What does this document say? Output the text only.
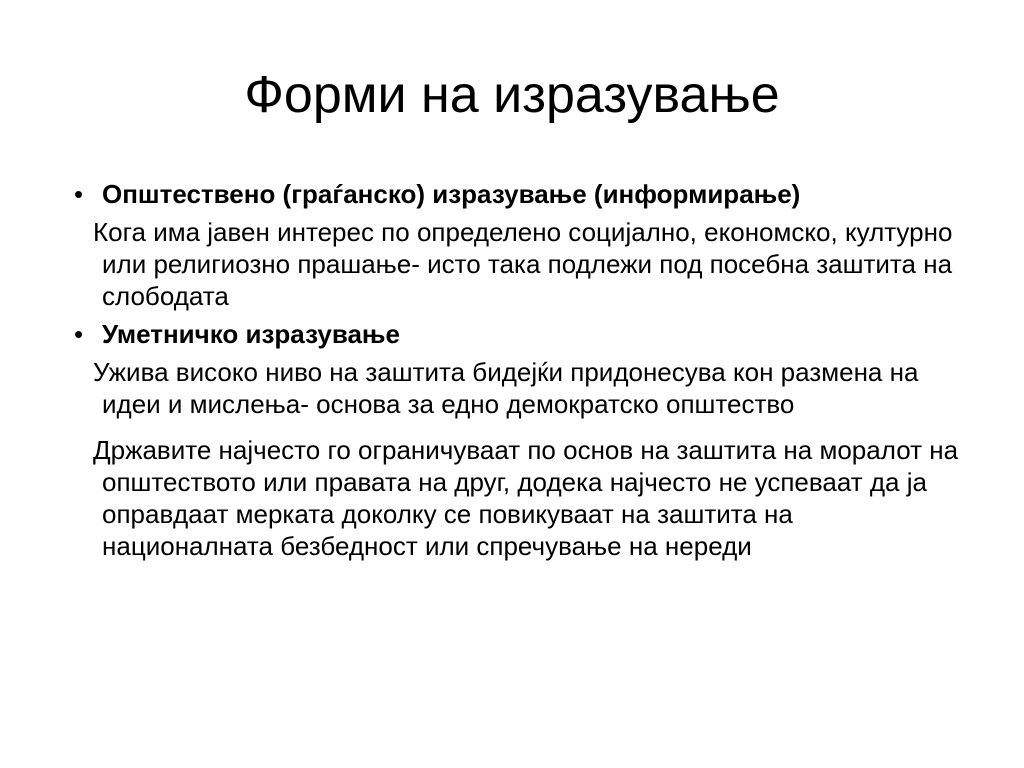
Форми на изразување
• Општествено (граѓанско) изразување (информирање)

Кога има јавен интерес по определено социјално, економско, културно или религиозно прашање- исто така подлежи под посебна заштита на слободата

• Уметничко изразување

Ужива високо ниво на заштита бидејќи придонесува кон размена на идеи и мислења- основа за едно демократско општество

Државите најчесто го ограничуваат по основ на заштита на моралот на општеството или правата на друг, додека најчесто не успеваат да ја оправдаат мерката доколку се повикуваат на заштита на националната безбедност или спречување на нереди
